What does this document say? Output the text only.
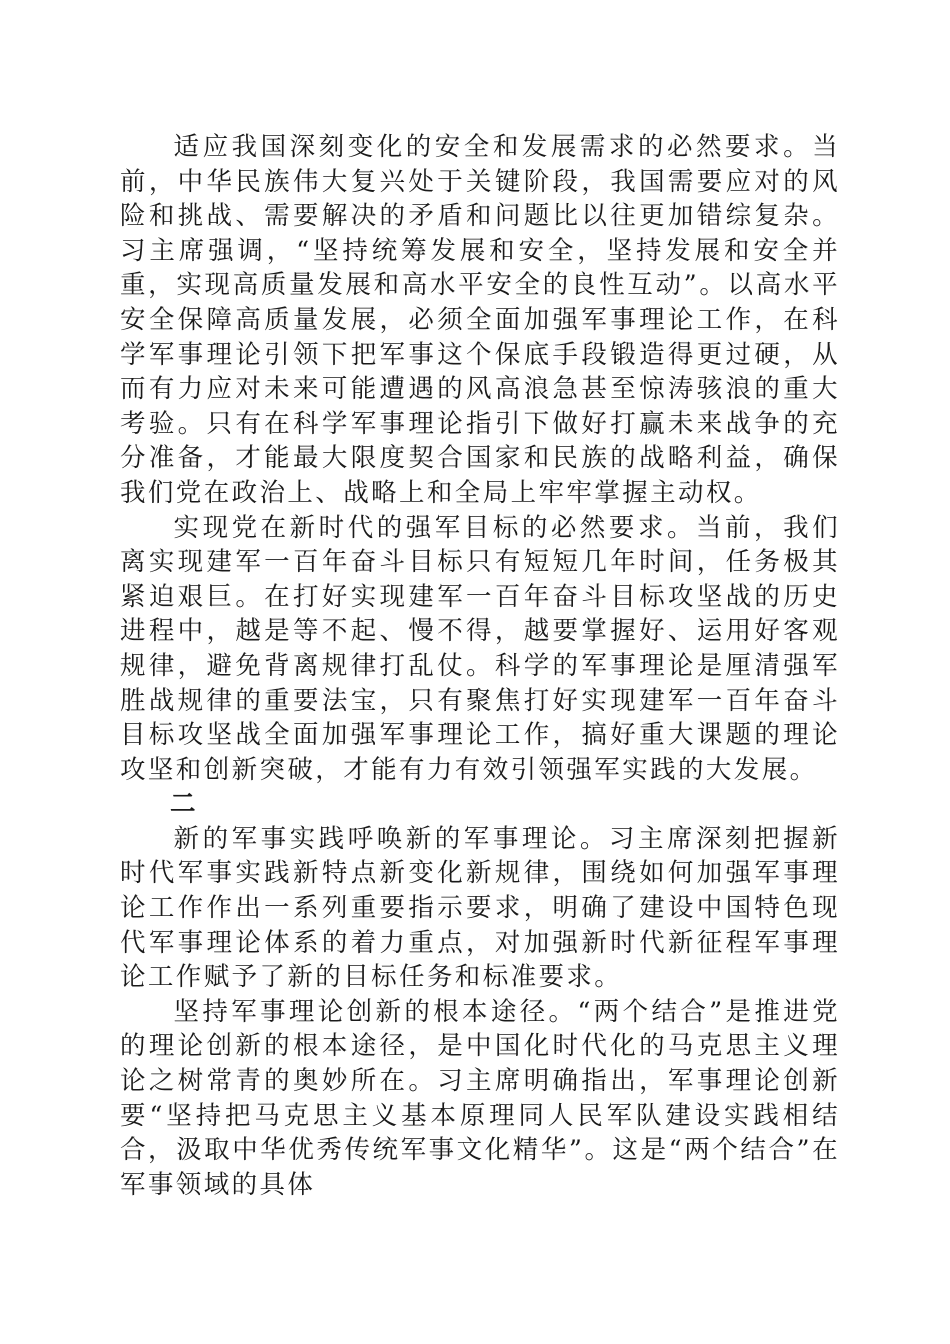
适应我国深刻变化的安全和发展需求的必然要求。当前，中华民族伟大复兴处于关键阶段，我国需要应对的风险和挑战、需要解决的矛盾和问题比以往更加错综复杂。习主席强调，“坚持统筹发展和安全，坚持发展和安全并重，实现高质量发展和高水平安全的良性互动”。以高水平安全保障高质量发展，必须全面加强军事理论工作，在科学军事理论引领下把军事这个保底手段锻造得更过硬，从而有力应对未来可能遭遇的风高浪急甚至惊涛骇浪的重大考验。只有在科学军事理论指引下做好打赢未来战争的充分准备，才能最大限度契合国家和民族的战略利益，确保我们党在政治上、战略上和全局上牢牢掌握主动权。

实现党在新时代的强军目标的必然要求。当前，我们离实现建军一百年奋斗目标只有短短几年时间，任务极其紧迫艰巨。在打好实现建军一百年奋斗目标攻坚战的历史进程中，越是等不起、慢不得，越要掌握好、运用好客观规律，避免背离规律打乱仗。科学的军事理论是厘清强军胜战规律的重要法宝，只有聚焦打好实现建军一百年奋斗目标攻坚战全面加强军事理论工作，搞好重大课题的理论攻坚和创新突破，才能有力有效引领强军实践的大发展。

二

新的军事实践呼唤新的军事理论。习主席深刻把握新时代军事实践新特点新变化新规律，围绕如何加强军事理论工作作出一系列重要指示要求，明确了建设中国特色现代军事理论体系的着力重点，对加强新时代新征程军事理论工作赋予了新的目标任务和标准要求。

坚持军事理论创新的根本途径。“两个结合”是推进党的理论创新的根本途径，是中国化时代化的马克思主义理论之树常青的奥妙所在。习主席明确指出，军事理论创新要“坚持把马克思主义基本原理同人民军队建设实践相结合，汲取中华优秀传统军事文化精华”。这是“两个结合”在军事领域的具体
